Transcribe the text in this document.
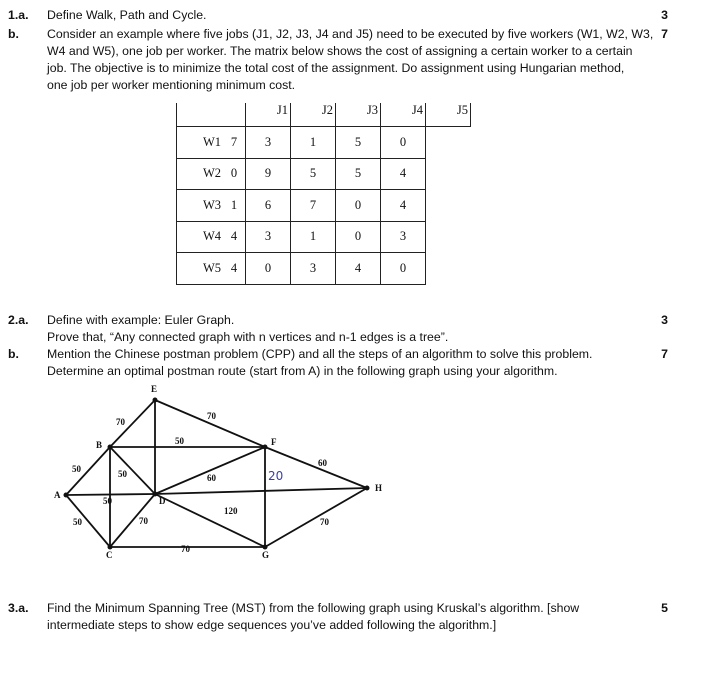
1.a. Define Walk, Path and Cycle.	3
b. Consider an example where five jobs (J1, J2, J3, J4 and J5) need to be executed by five workers (W1, W2, W3, 7
W4 and W5), one job per worker. The matrix below shows the cost of assigning a certain worker to a certain
job. The objective is to minimize the total cost of the assignment. Do assignment using Hungarian method,
one job per worker mentioning minimum cost.
		J1	J2	J3	J4	J5
W1	7	3	1	5	0	
W2	0	9	5	5	4	
W3	1	6	7	0	4	
W4	4	3	1	0	3	
W5	4	0	3	4	0	
2.a. Define with example: Euler Graph.	3
Prove that, “Any connected graph with n vertices and n-1 edges is a tree”.
b. Mention the Chinese postman problem (CPP) and all the steps of an algorithm to solve this problem.	7
Determine an optimal postman route (start from A) in the following graph using your algorithm.
A
B
C
D
E
F
G
H
50
50
50
50
70
50
70
70
70
60
120
60
70
20
3.a. Find the Minimum Spanning Tree (MST) from the following graph using Kruskal’s algorithm. [show	5
intermediate steps to show edge sequences you’ve added following the algorithm.]
